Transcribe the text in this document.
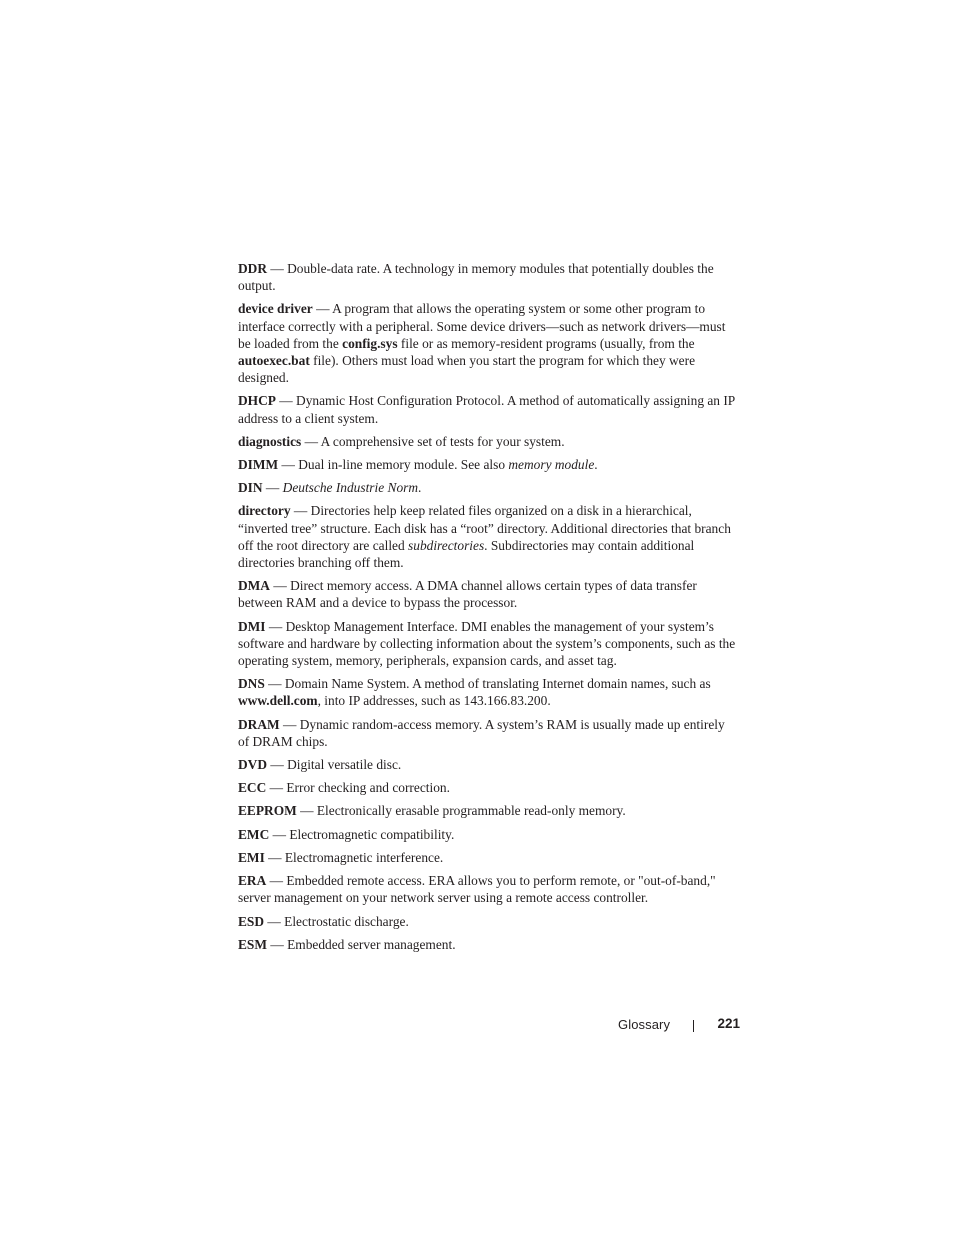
DDR — Double-data rate. A technology in memory modules that potentially doubles the output.

device driver — A program that allows the operating system or some other program to interface correctly with a peripheral. Some device drivers—such as network drivers—must be loaded from the config.sys file or as memory-resident programs (usually, from the autoexec.bat file). Others must load when you start the program for which they were designed.

DHCP — Dynamic Host Configuration Protocol. A method of automatically assigning an IP address to a client system.

diagnostics — A comprehensive set of tests for your system.

DIMM — Dual in-line memory module. See also memory module.

DIN — Deutsche Industrie Norm.

directory — Directories help keep related files organized on a disk in a hierarchical, “inverted tree” structure. Each disk has a “root” directory. Additional directories that branch off the root directory are called subdirectories. Subdirectories may contain additional directories branching off them.

DMA — Direct memory access. A DMA channel allows certain types of data transfer between RAM and a device to bypass the processor.

DMI — Desktop Management Interface. DMI enables the management of your system’s software and hardware by collecting information about the system’s components, such as the operating system, memory, peripherals, expansion cards, and asset tag.

DNS — Domain Name System. A method of translating Internet domain names, such as www.dell.com, into IP addresses, such as 143.166.83.200.

DRAM — Dynamic random-access memory. A system’s RAM is usually made up entirely of DRAM chips.

DVD — Digital versatile disc.

ECC — Error checking and correction.

EEPROM — Electronically erasable programmable read-only memory.

EMC — Electromagnetic compatibility.

EMI — Electromagnetic interference.

ERA — Embedded remote access. ERA allows you to perform remote, or "out-of-band," server management on your network server using a remote access controller.

ESD — Electrostatic discharge.

ESM — Embedded server management.

Glossary	221
